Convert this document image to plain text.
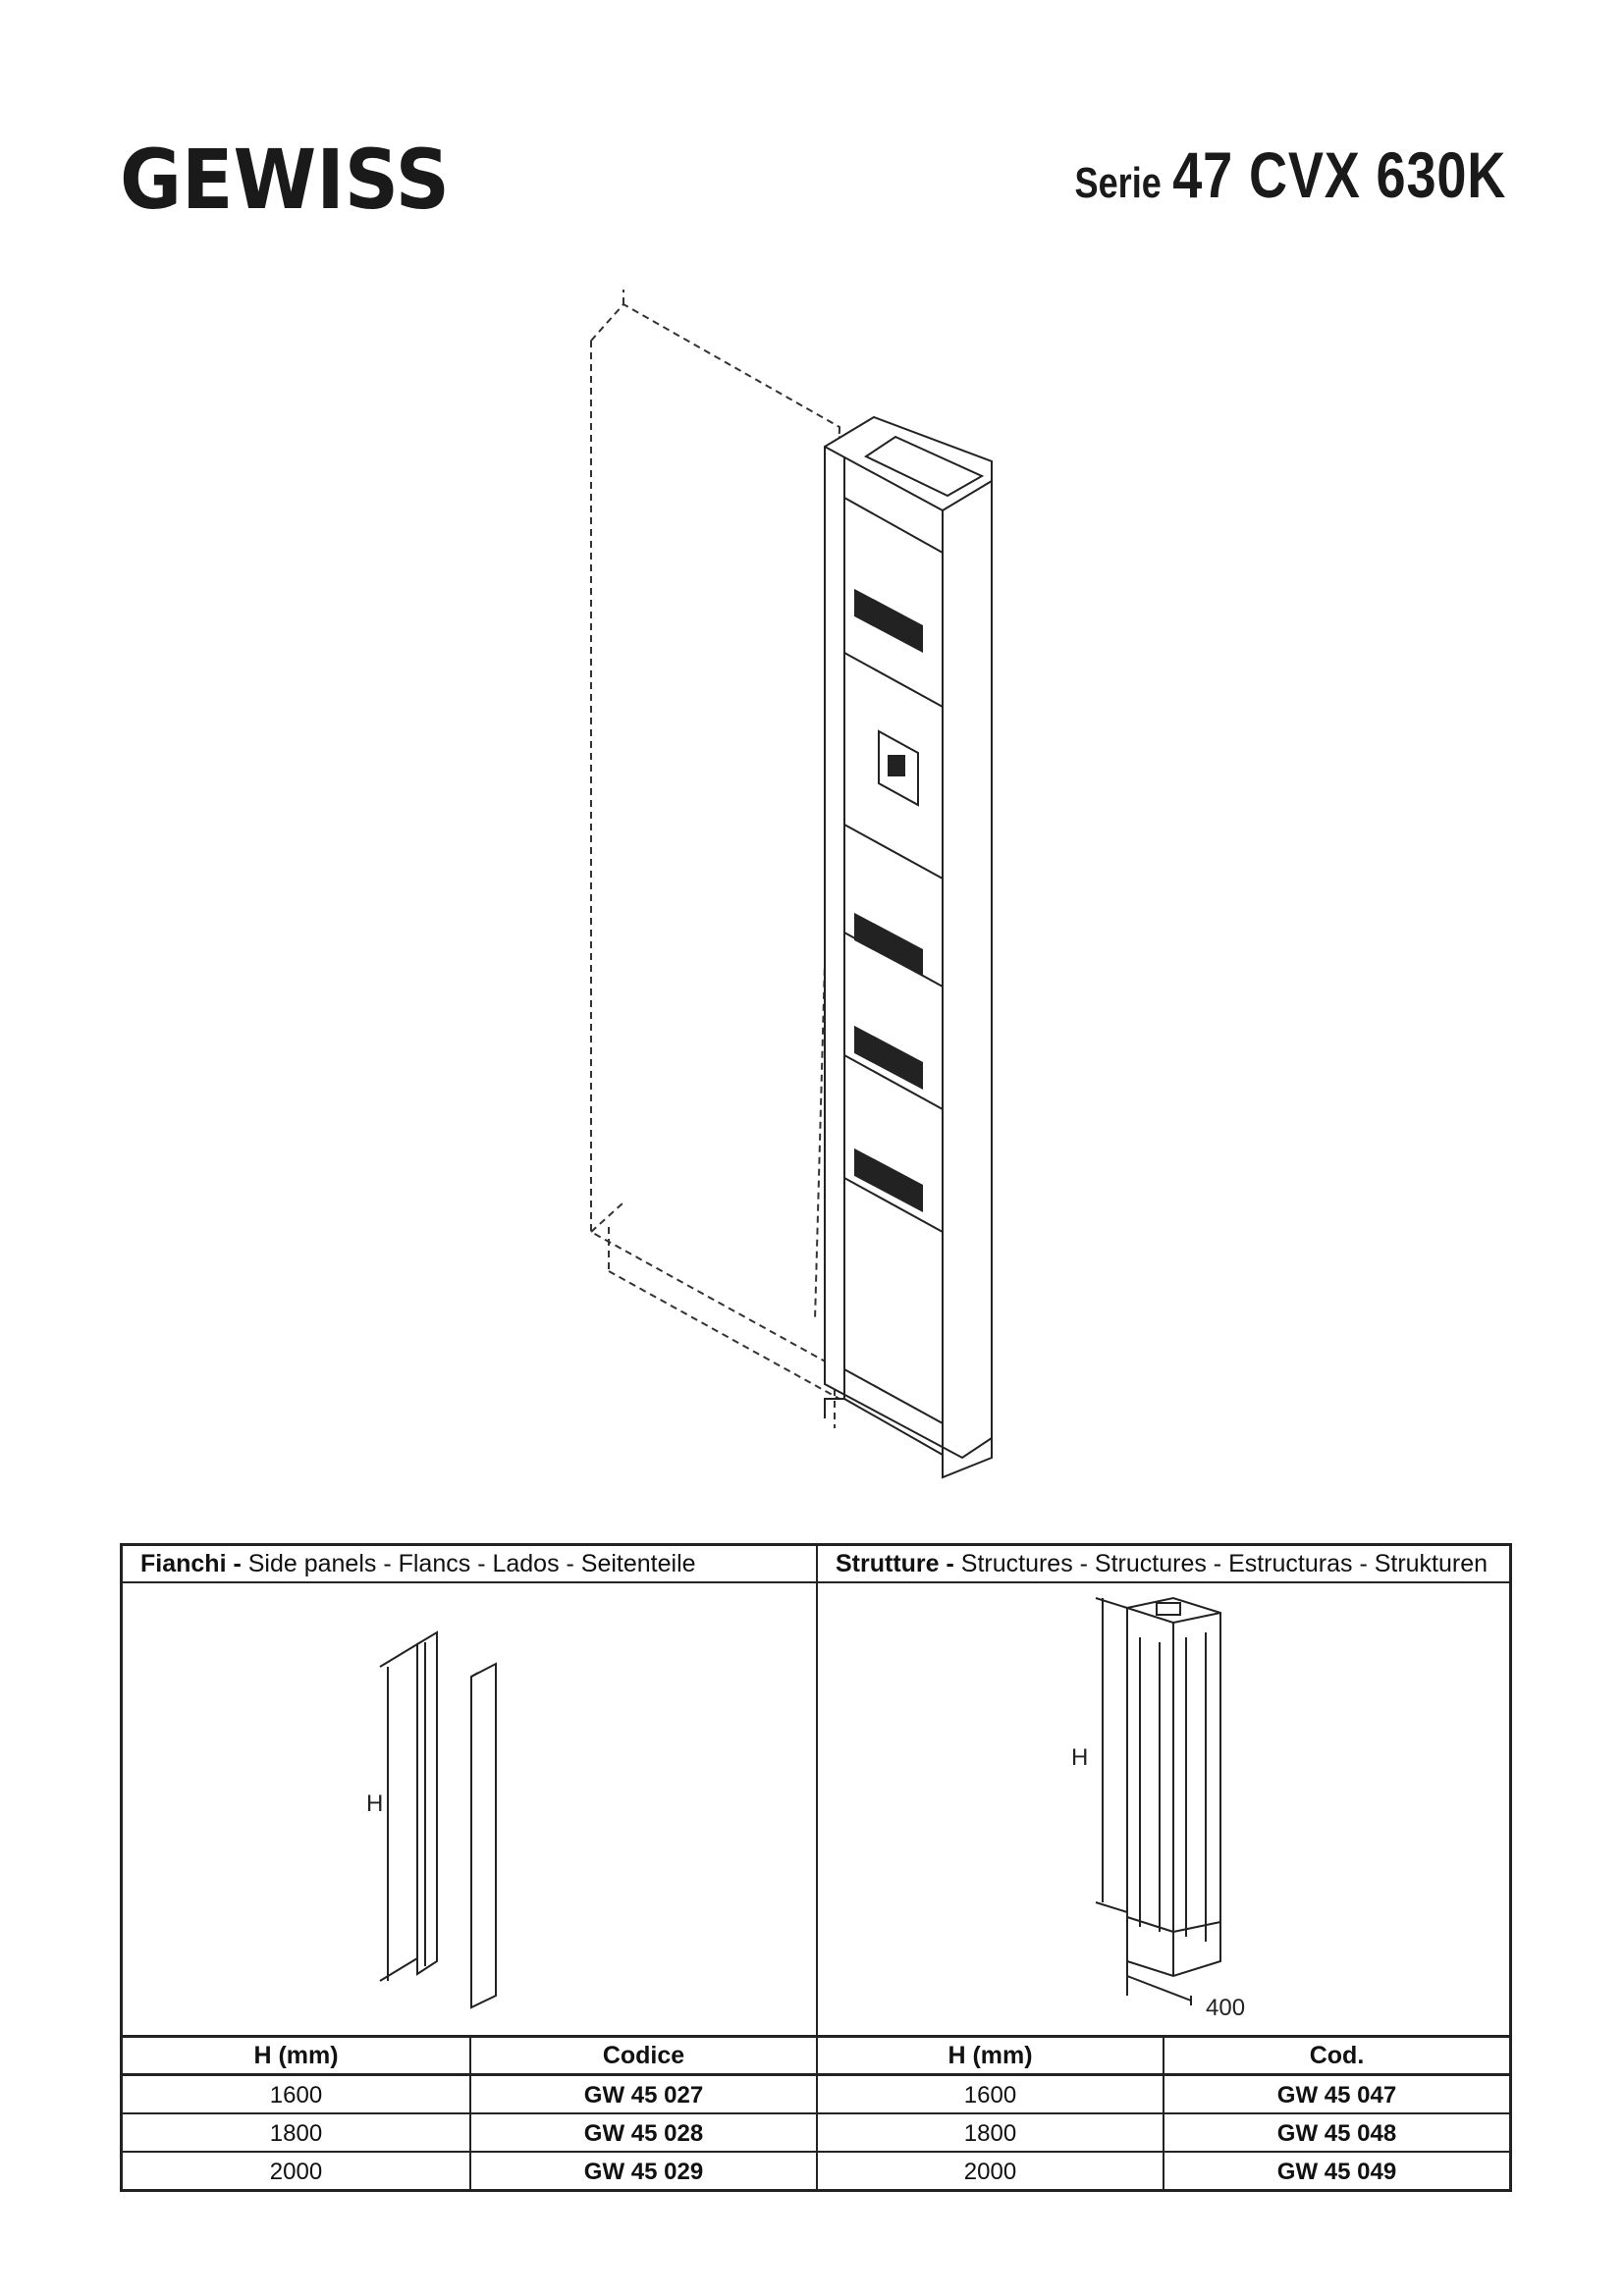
GEWISS	Serie 47 CVX 630K
Fianchi - Side panels - Flancs - Lados - Seitenteile	Strutture - Structures - Structures - Estructuras - Strukturen
H
H
400
H (mm)	Codice	H (mm)	Cod.
1600	GW 45 027	1600	GW 45 047
1800	GW 45 028	1800	GW 45 048
2000	GW 45 029	2000	GW 45 049
